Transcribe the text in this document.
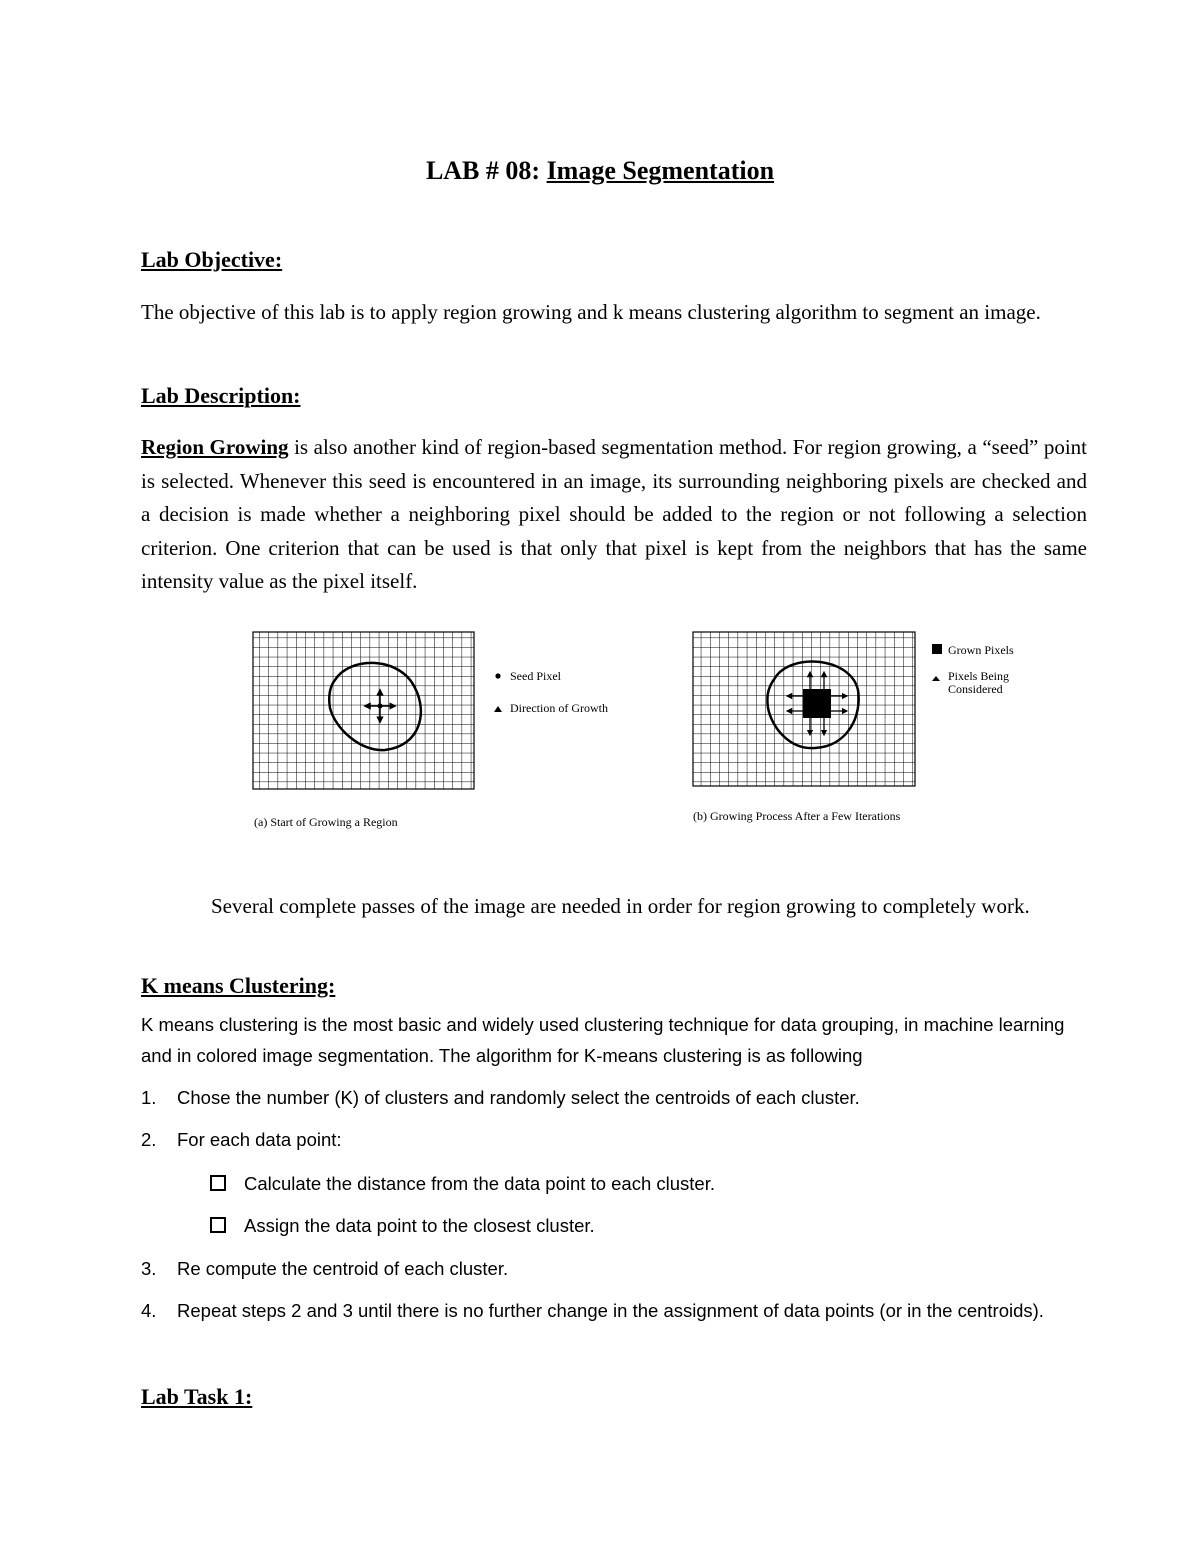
LAB # 08: Image Segmentation
Lab Objective:
The objective of this lab is to apply region growing and k means clustering algorithm to segment an image.
Lab Description:
Region Growing is also another kind of region-based segmentation method. For region growing, a “seed” point is selected. Whenever this seed is encountered in an image, its surrounding neighboring pixels are checked and a decision is made whether a neighboring pixel should be added to the region or not following a selection criterion. One criterion that can be used is that only that pixel is kept from the neighbors that has the same intensity value as the pixel itself.
Seed Pixel
Direction of Growth
(a) Start of Growing a Region
Grown Pixels
Pixels Being
Considered
(b) Growing Process After a Few Iterations
Several complete passes of the image are needed in order for region growing to completely work.
K means Clustering:
K means clustering is the most basic and widely used clustering technique for data grouping, in machine learning and in colored image segmentation. The algorithm for K-means clustering is as following
1. Chose the number (K) of clusters and randomly select the centroids of each cluster.
2. For each data point:
Calculate the distance from the data point to each cluster.
Assign the data point to the closest cluster.
3. Re compute the centroid of each cluster.
4. Repeat steps 2 and 3 until there is no further change in the assignment of data points (or in the centroids).
Lab Task 1:
